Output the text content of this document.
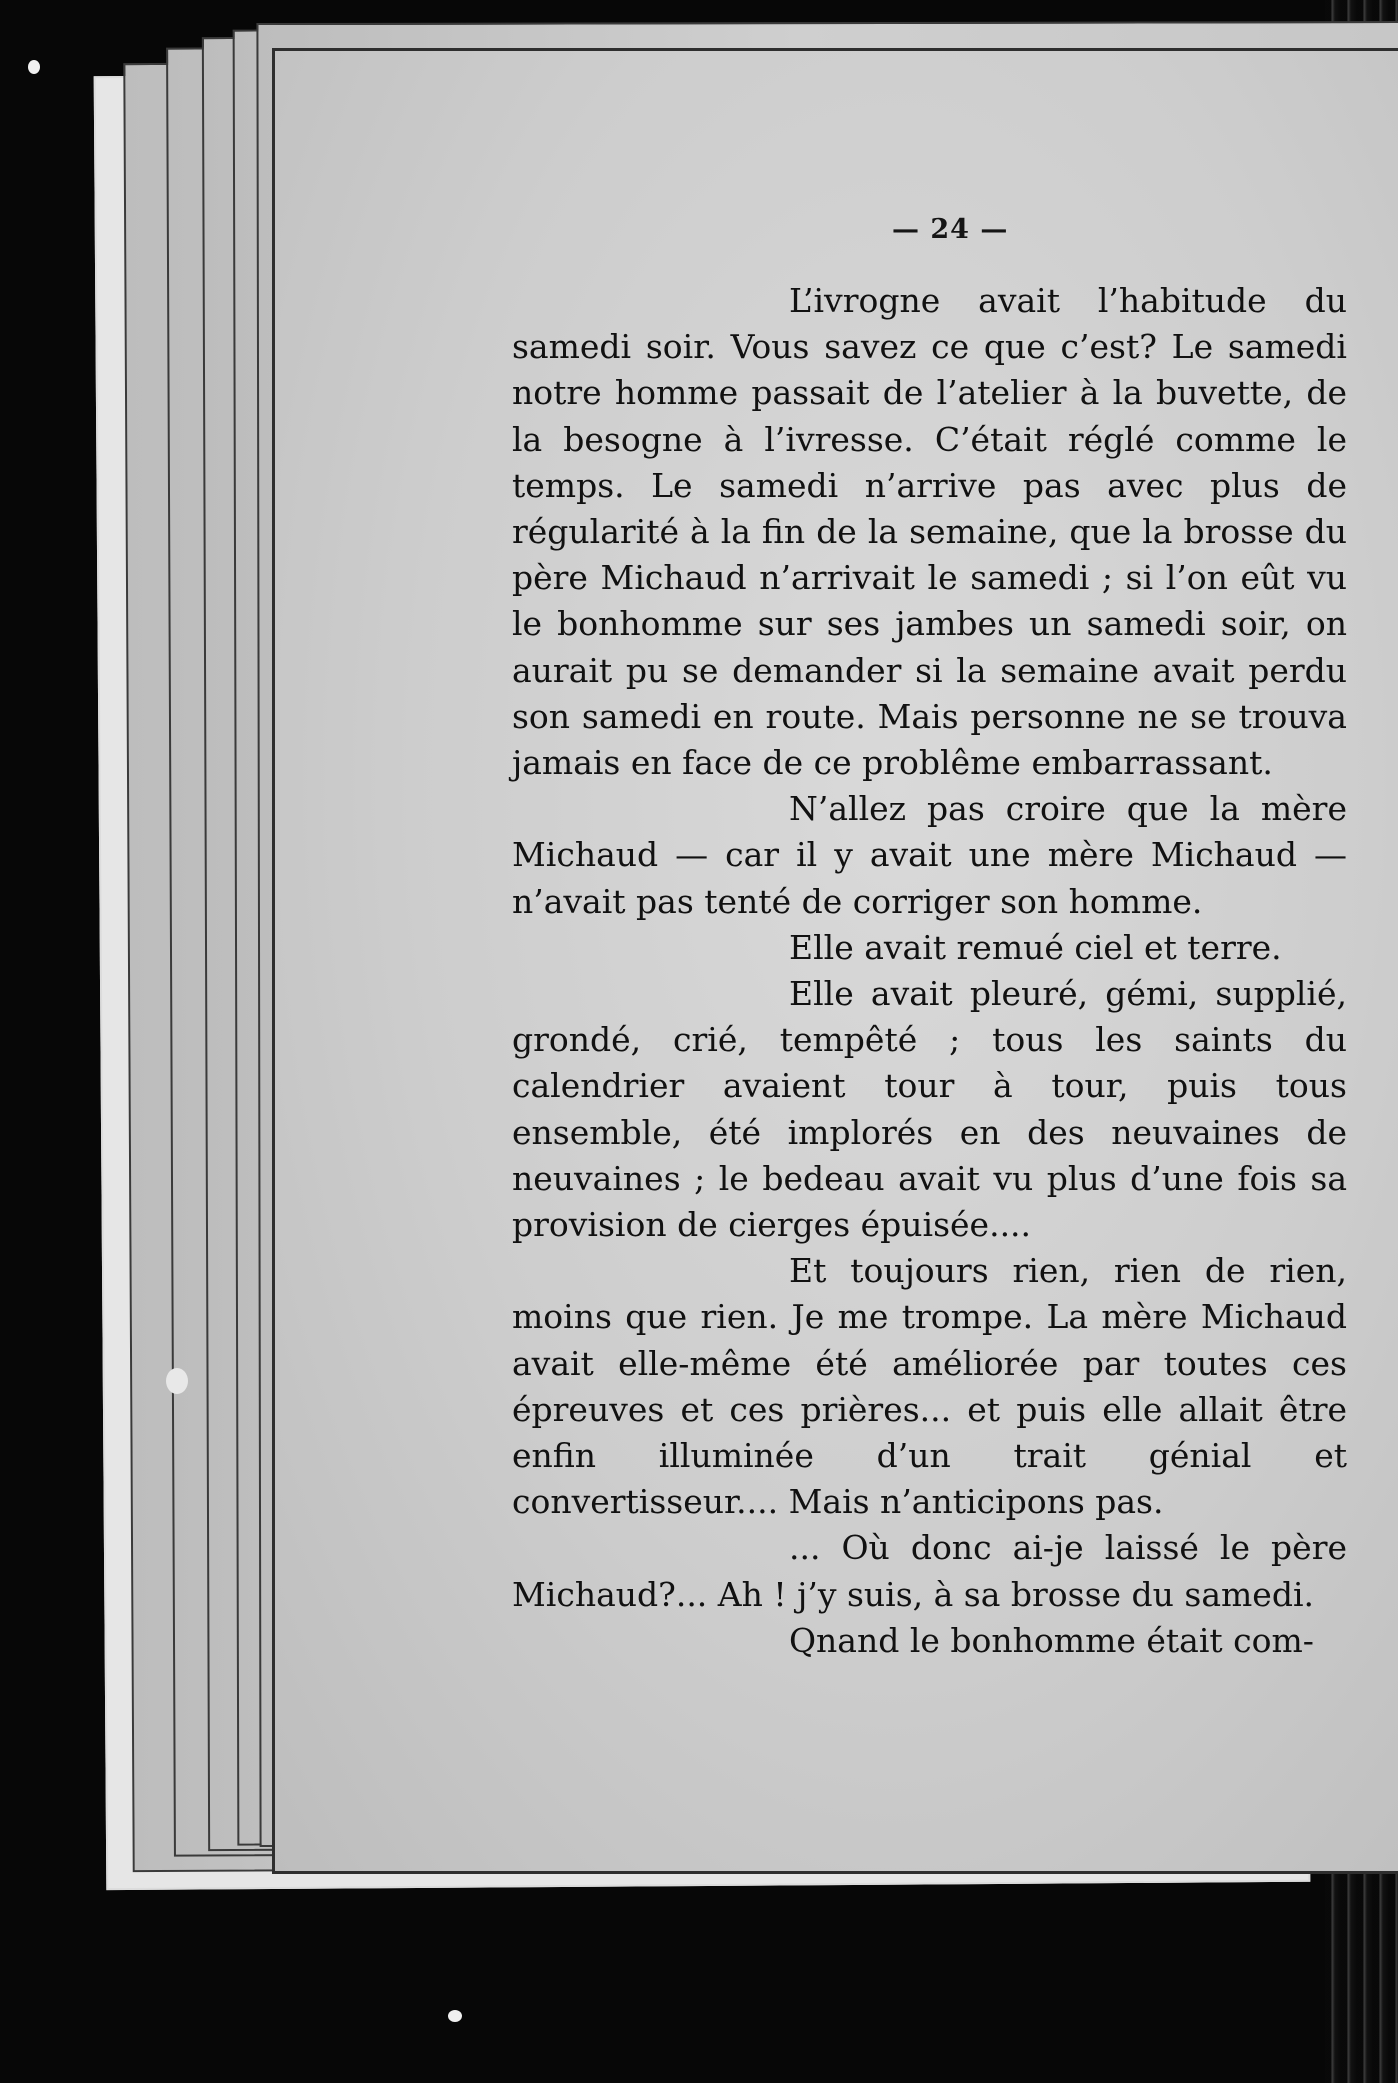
— 24 —

L’ivrogne avait l’habitude du samedi soir. Vous savez ce que c’est? Le samedi notre homme passait de l’atelier à la buvette, de la besogne à l’ivresse. C’était réglé comme le temps. Le samedi n’arrive pas avec plus de régularité à la fin de la semaine, que la brosse du père Michaud n’arrivait le samedi ; si l’on eût vu le bonhomme sur ses jambes un samedi soir, on aurait pu se demander si la semaine avait perdu son samedi en route. Mais personne ne se trouva jamais en face de ce problême embarrassant.

N’allez pas croire que la mère Michaud — car il y avait une mère Michaud — n’avait pas tenté de corriger son homme.

Elle avait remué ciel et terre.

Elle avait pleuré, gémi, supplié, grondé, crié, tempêté ; tous les saints du calendrier avaient tour à tour, puis tous ensemble, été implorés en des neuvaines de neuvaines ; le bedeau avait vu plus d’une fois sa provision de cierges épuisée....

Et toujours rien, rien de rien, moins que rien. Je me trompe. La mère Michaud avait elle-même été améliorée par toutes ces épreuves et ces prières... et puis elle allait être enfin illuminée d’un trait génial et convertisseur.... Mais n’anticipons pas.

... Où donc ai-je laissé le père Michaud?... Ah ! j’y suis, à sa brosse du samedi.

Qnand le bonhomme était com-
